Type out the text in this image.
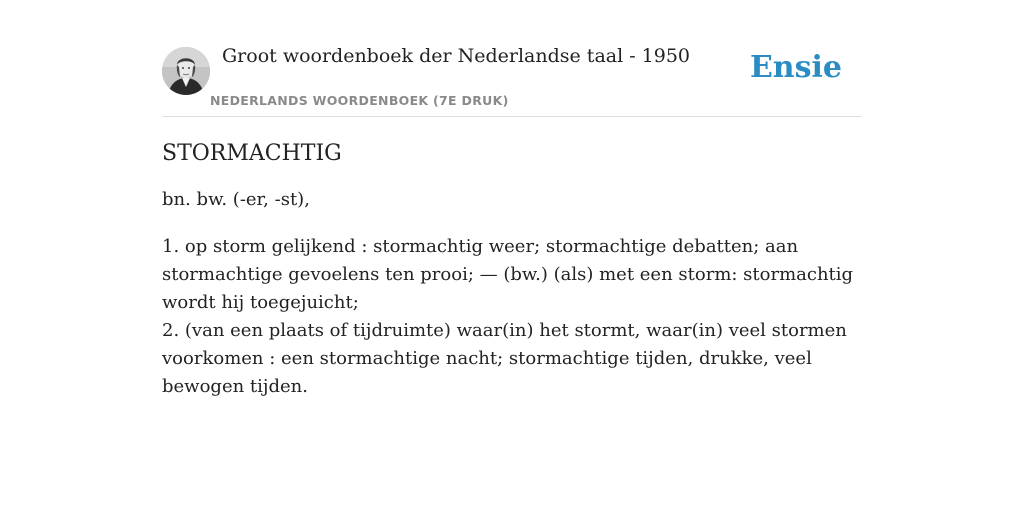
Groot woordenboek der Nederlandse taal - 1950
NEDERLANDS WOORDENBOEK (7E DRUK)
Ensie
STORMACHTIG

bn. bw. (-er, -st),

1. op storm gelijkend : stormachtig weer; stormachtige debatten; aan stormachtige gevoelens ten prooi; — (bw.) (als) met een storm: stormachtig wordt hij toegejuicht;

2. (van een plaats of tijdruimte) waar(in) het stormt, waar(in) veel stormen voorkomen : een stormachtige nacht; stormachtige tijden, drukke, veel bewogen tijden.
